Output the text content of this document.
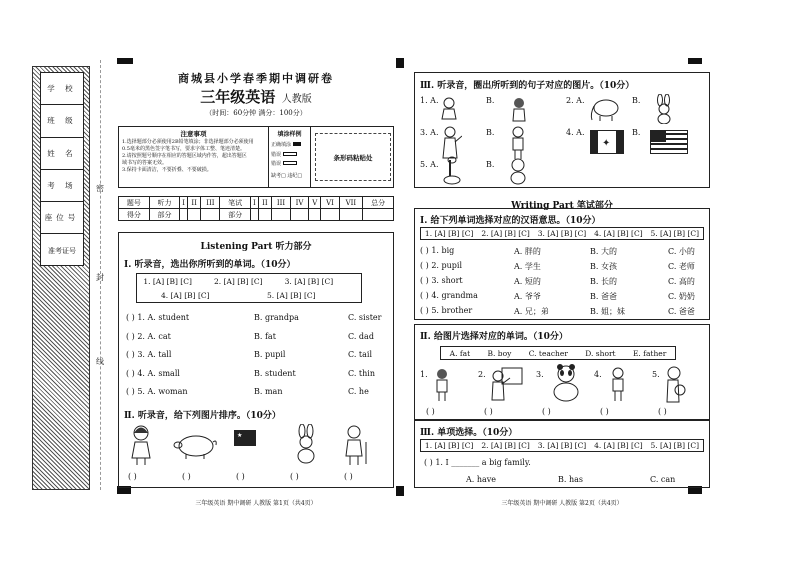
学 校
班 级
姓 名
考 场
座位号
准考证号
密
封
线
商城县小学春季期中调研卷
三年级英语 人教版
（时间：60分钟 满分：100分）
注意事项
1.选择题部分必须使用2B铅笔填涂；非选择题部分必须使用
0.5毫米的黑色签字笔书写，要求字体工整、笔迹清楚。
2.请按照题号顺序在相应的答题区域内作答，超出答题区
域书写的答案无效。
3.保持卡面清洁，不要折叠、不要破损。
填涂样例
正确填涂
错误
错误
缺考□ 违纪□
条形码粘贴处
题号	听力	I	II	III	笔试	I	II	III	IV	V	VI	VII	总分
得分	部分				部分								
Listening Part 听力部分
Ⅰ. 听录音，选出你所听到的单词。（10分）
1. [A] [B] [C]	2. [A] [B] [C]	3. [A] [B] [C]
4. [A] [B] [C]	5. [A] [B] [C]
( ) 1. A. student	B. grandpa	C. sister
( ) 2. A. cat	B. fat	C. dad
( ) 3. A. tall	B. pupil	C. tail
( ) 4. A. small	B. student	C. thin
( ) 5. A. woman	B. man	C. he
Ⅱ. 听录音，给下列图片排序。（10分）
★
( )	( )	( )	( )	( )
三年级英语 期中调研 人教版 第1页（共4页）
Ⅲ. 听录音，圈出所听到的句子对应的图片。（10分）
1. A.	B.	2. A.	B.
3. A.	B.	4. A.	B.
5. A.	B.
✦
Writing Part 笔试部分
Ⅰ. 给下列单词选择对应的汉语意思。（10分）
1. [A] [B] [C] 2. [A] [B] [C] 3. [A] [B] [C] 4. [A] [B] [C] 5. [A] [B] [C]
( ) 1. big	A. 胖的	B. 大的	C. 小的
( ) 2. pupil	A. 学生	B. 女孩	C. 老师
( ) 3. short	A. 短的	B. 长的	C. 高的
( ) 4. grandma	A. 爷爷	B. 爸爸	C. 奶奶
( ) 5. brother	A. 兄；弟	B. 姐；妹	C. 爸爸
Ⅱ. 给图片选择对应的单词。（10分）
A. fat B. boy C. teacher D. short E. father
1.	2.	3.	4.	5.
( )	( )	( )	( )	( )
Ⅲ. 单项选择。（10分）
1. [A] [B] [C] 2. [A] [B] [C] 3. [A] [B] [C] 4. [A] [B] [C] 5. [A] [B] [C]
( ) 1. I _______ a big family.
A. have	B. has	C. can
三年级英语 期中调研 人教版 第2页（共4页）
